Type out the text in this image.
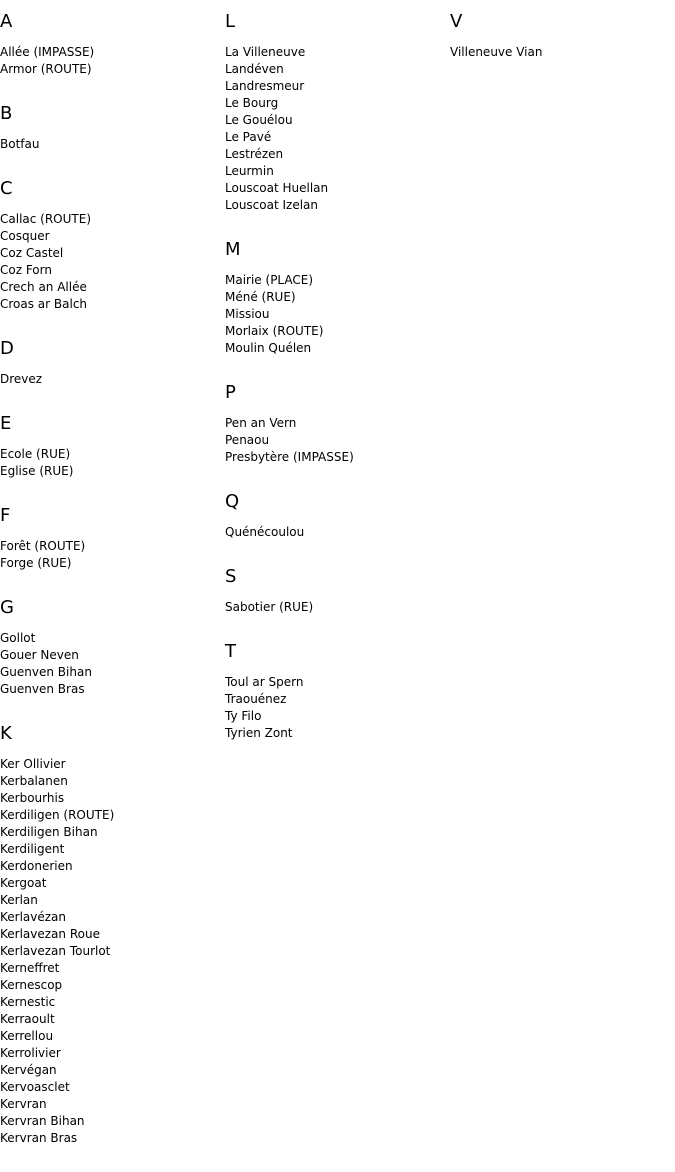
A
Allée (IMPASSE)
Armor (ROUTE)
B
Botfau
C
Callac (ROUTE)
Cosquer
Coz Castel
Coz Forn
Crech an Allée
Croas ar Balch
D
Drevez
E
Ecole (RUE)
Eglise (RUE)
F
Forêt (ROUTE)
Forge (RUE)
G
Gollot
Gouer Neven
Guenven Bihan
Guenven Bras
K
Ker Ollivier
Kerbalanen
Kerbourhis
Kerdiligen (ROUTE)
Kerdiligen Bihan
Kerdiligent
Kerdonerien
Kergoat
Kerlan
Kerlavézan
Kerlavezan Roue
Kerlavezan Tourlot
Kerneffret
Kernescop
Kernestic
Kerraoult
Kerrellou
Kerrolivier
Kervégan
Kervoasclet
Kervran
Kervran Bihan
Kervran Bras
L
La Villeneuve
Landéven
Landresmeur
Le Bourg
Le Gouélou
Le Pavé
Lestrézen
Leurmin
Louscoat Huellan
Louscoat Izelan
M
Mairie (PLACE)
Méné (RUE)
Missiou
Morlaix (ROUTE)
Moulin Quélen
P
Pen an Vern
Penaou
Presbytère (IMPASSE)
Q
Quénécoulou
S
Sabotier (RUE)
T
Toul ar Spern
Traouénez
Ty Filo
Tyrien Zont
V
Villeneuve Vian
